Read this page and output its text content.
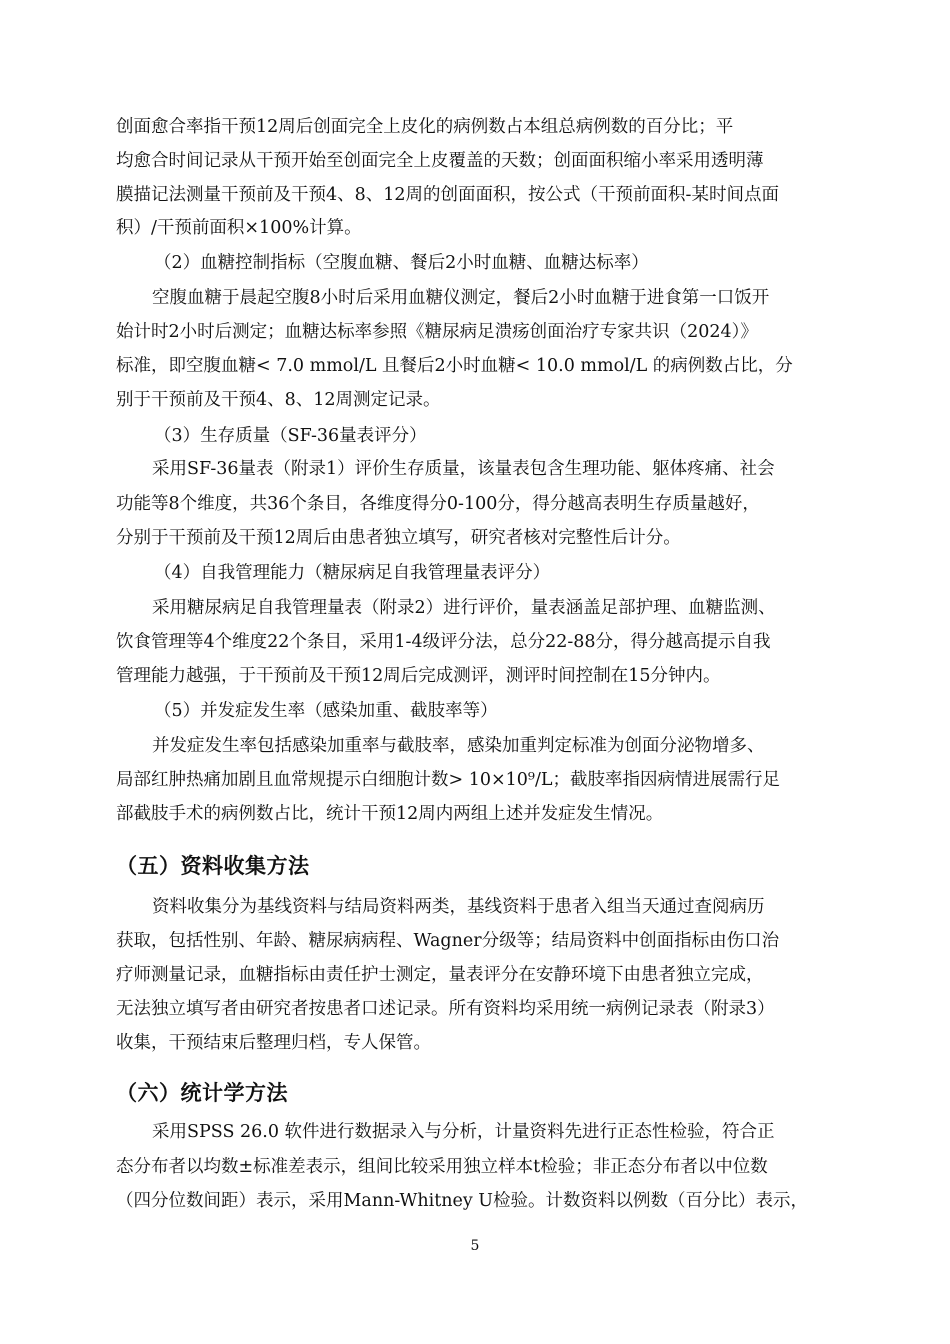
创面愈合率指干预12周后创面完全上皮化的病例数占本组总病例数的百分比；平
均愈合时间记录从干预开始至创面完全上皮覆盖的天数；创面面积缩小率采用透明薄
膜描记法测量干预前及干预4、8、12周的创面面积，按公式（干预前面积-某时间点面
积）/干预前面积×100%计算。
（2）血糖控制指标（空腹血糖、餐后2小时血糖、血糖达标率）
空腹血糖于晨起空腹8小时后采用血糖仪测定，餐后2小时血糖于进食第一口饭开
始计时2小时后测定；血糖达标率参照《糖尿病足溃疡创面治疗专家共识（2024）》
标准，即空腹血糖< 7.0 mmol/L 且餐后2小时血糖< 10.0 mmol/L 的病例数占比，分
别于干预前及干预4、8、12周测定记录。
（3）生存质量（SF-36量表评分）
采用SF-36量表（附录1）评价生存质量，该量表包含生理功能、躯体疼痛、社会
功能等8个维度，共36个条目，各维度得分0-100分，得分越高表明生存质量越好，
分别于干预前及干预12周后由患者独立填写，研究者核对完整性后计分。
（4）自我管理能力（糖尿病足自我管理量表评分）
采用糖尿病足自我管理量表（附录2）进行评价，量表涵盖足部护理、血糖监测、
饮食管理等4个维度22个条目，采用1-4级评分法，总分22-88分，得分越高提示自我
管理能力越强，于干预前及干预12周后完成测评，测评时间控制在15分钟内。
（5）并发症发生率（感染加重、截肢率等）
并发症发生率包括感染加重率与截肢率，感染加重判定标准为创面分泌物增多、
局部红肿热痛加剧且血常规提示白细胞计数> 10×10⁹/L；截肢率指因病情进展需行足
部截肢手术的病例数占比，统计干预12周内两组上述并发症发生情况。
（五）资料收集方法
资料收集分为基线资料与结局资料两类，基线资料于患者入组当天通过查阅病历
获取，包括性别、年龄、糖尿病病程、Wagner分级等；结局资料中创面指标由伤口治
疗师测量记录，血糖指标由责任护士测定，量表评分在安静环境下由患者独立完成，
无法独立填写者由研究者按患者口述记录。所有资料均采用统一病例记录表（附录3）
收集，干预结束后整理归档，专人保管。
（六）统计学方法
采用SPSS 26.0 软件进行数据录入与分析，计量资料先进行正态性检验，符合正
态分布者以均数±标准差表示，组间比较采用独立样本t检验；非正态分布者以中位数
（四分位数间距）表示，采用Mann-Whitney U检验。计数资料以例数（百分比）表示，
5
